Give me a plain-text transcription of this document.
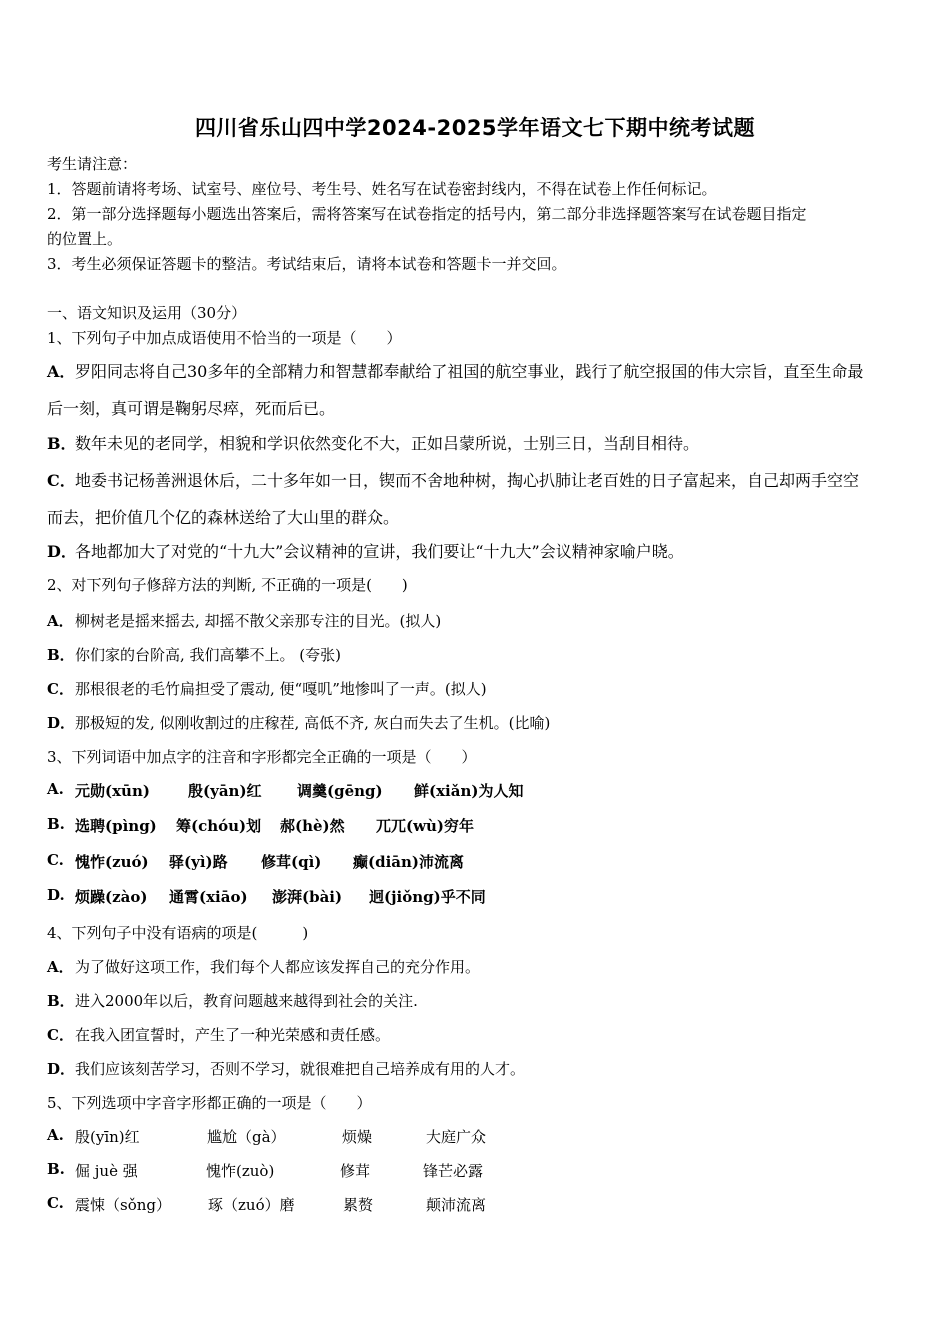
四川省乐山四中学2024-2025学年语文七下期中统考试题
考生请注意：
1．答题前请将考场、试室号、座位号、考生号、姓名写在试卷密封线内，不得在试卷上作任何标记。
2．第一部分选择题每小题选出答案后，需将答案写在试卷指定的括号内，第二部分非选择题答案写在试卷题目指定
的位置上。
3．考生必须保证答题卡的整洁。考试结束后，请将本试卷和答题卡一并交回。
一、语文知识及运用（30分）
1、下列句子中加点成语使用不恰当的一项是（　　）
A．罗阳同志将自己30多年的全部精力和智慧都奉献给了祖国的航空事业，践行了航空报国的伟大宗旨，直至生命最
后一刻，真可谓是鞠躬尽瘁，死而后已。
B．数年未见的老同学，相貌和学识依然变化不大，正如吕蒙所说，士别三日，当刮目相待。
C．地委书记杨善洲退休后，二十多年如一日，锲而不舍地种树，掏心扒肺让老百姓的日子富起来，自己却两手空空
而去，把价值几个亿的森林送给了大山里的群众。
D．各地都加大了对党的“十九大”会议精神的宣讲，我们要让“十九大”会议精神家喻户晓。
2、对下列句子修辞方法的判断, 不正确的一项是(　　)
A．柳树老是摇来摇去, 却摇不散父亲那专注的目光。(拟人)
B．你们家的台阶高, 我们高攀不上。 (夸张)
C．那根很老的毛竹扁担受了震动, 便“嘎叽”地惨叫了一声。(拟人)
D．那极短的发, 似刚收割过的庄稼茬, 高低不齐, 灰白而失去了生机。(比喻)
3、下列词语中加点字的注音和字形都完全正确的一项是（　　）
A. 元勋(xūn)	殷(yān)红 调羹(gēng) 鲜(xiǎn)为人知
B. 选聘(pìng) 筹(chóu)划 郝(hè)然 兀兀(wù)穷年
C. 愧怍(zuó) 驿(yì)路 修茸(qì) 癫(diān)沛流离
D. 烦躁(zào) 通霄(xiāo) 澎湃(bài) 迥(jiǒng)乎不同
4、下列句子中没有语病的项是(　　　)
A．为了做好这项工作，我们每个人都应该发挥自己的充分作用。
B．进入2000年以后，教育问题越来越得到社会的关注.
C．在我入团宣誓时，产生了一种光荣感和责任感。
D．我们应该刻苦学习，否则不学习，就很难把自己培养成有用的人才。
5、下列选项中字音字形都正确的一项是（　　）
A. 殷(yīn)红	尴尬（gà）	烦燥	大庭广众
B. 倔 juè 强	愧怍(zuò)	修茸	锋芒必露
C. 震悚（sǒng） 琢（zuó）磨	累赘	颠沛流离
